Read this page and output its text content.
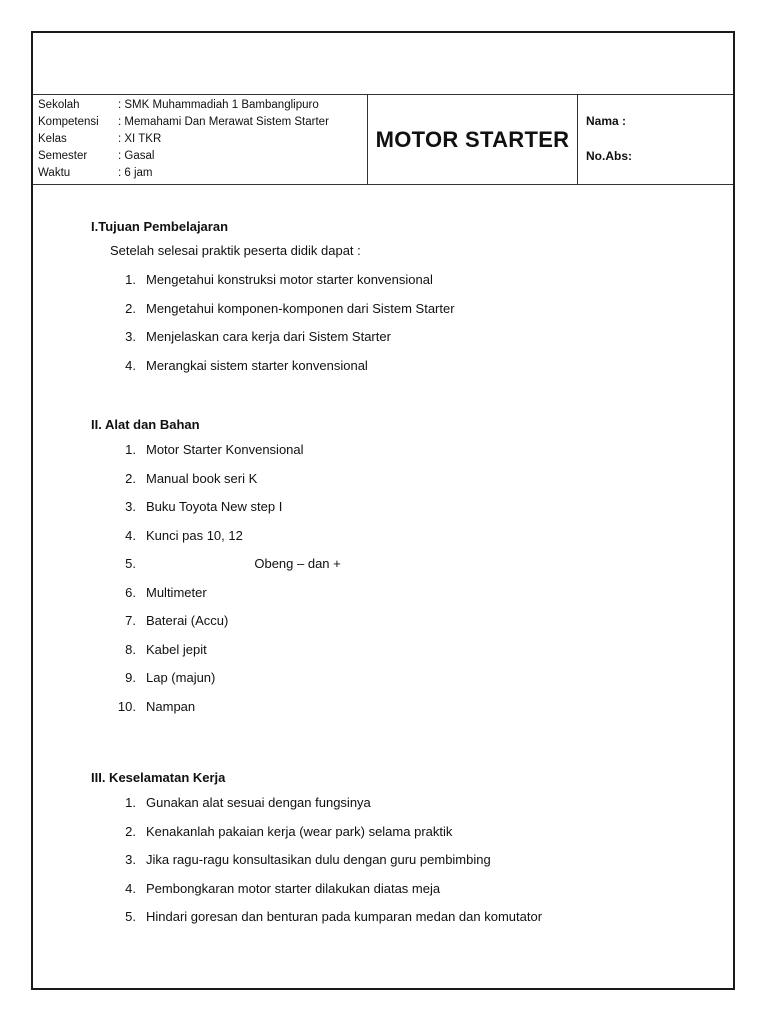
Sekolah	: SMK Muhammadiah 1 Bambanglipuro
Kompetensi	: Memahami Dan Merawat Sistem Starter
Kelas	: XI TKR
Semester	: Gasal
Waktu	: 6 jam
MOTOR STARTER
Nama :
No.Abs:
I.Tujuan Pembelajaran
Setelah selesai praktik peserta didik dapat :
1. Mengetahui konstruksi motor starter konvensional
2. Mengetahui komponen-komponen dari Sistem Starter
3. Menjelaskan cara kerja dari Sistem Starter
4. Merangkai sistem starter konvensional
II. Alat dan Bahan
1. Motor Starter Konvensional
2. Manual book seri K
3. Buku Toyota New step I
4. Kunci pas 10, 12
5. Obeng – dan +
6. Multimeter
7. Baterai (Accu)
8. Kabel jepit
9. Lap (majun)
10. Nampan
III. Keselamatan Kerja
1. Gunakan alat sesuai dengan fungsinya
2. Kenakanlah pakaian kerja (wear park) selama praktik
3. Jika ragu-ragu konsultasikan dulu dengan guru pembimbing
4. Pembongkaran motor starter dilakukan diatas meja
5. Hindari goresan dan benturan pada kumparan medan dan komutator
